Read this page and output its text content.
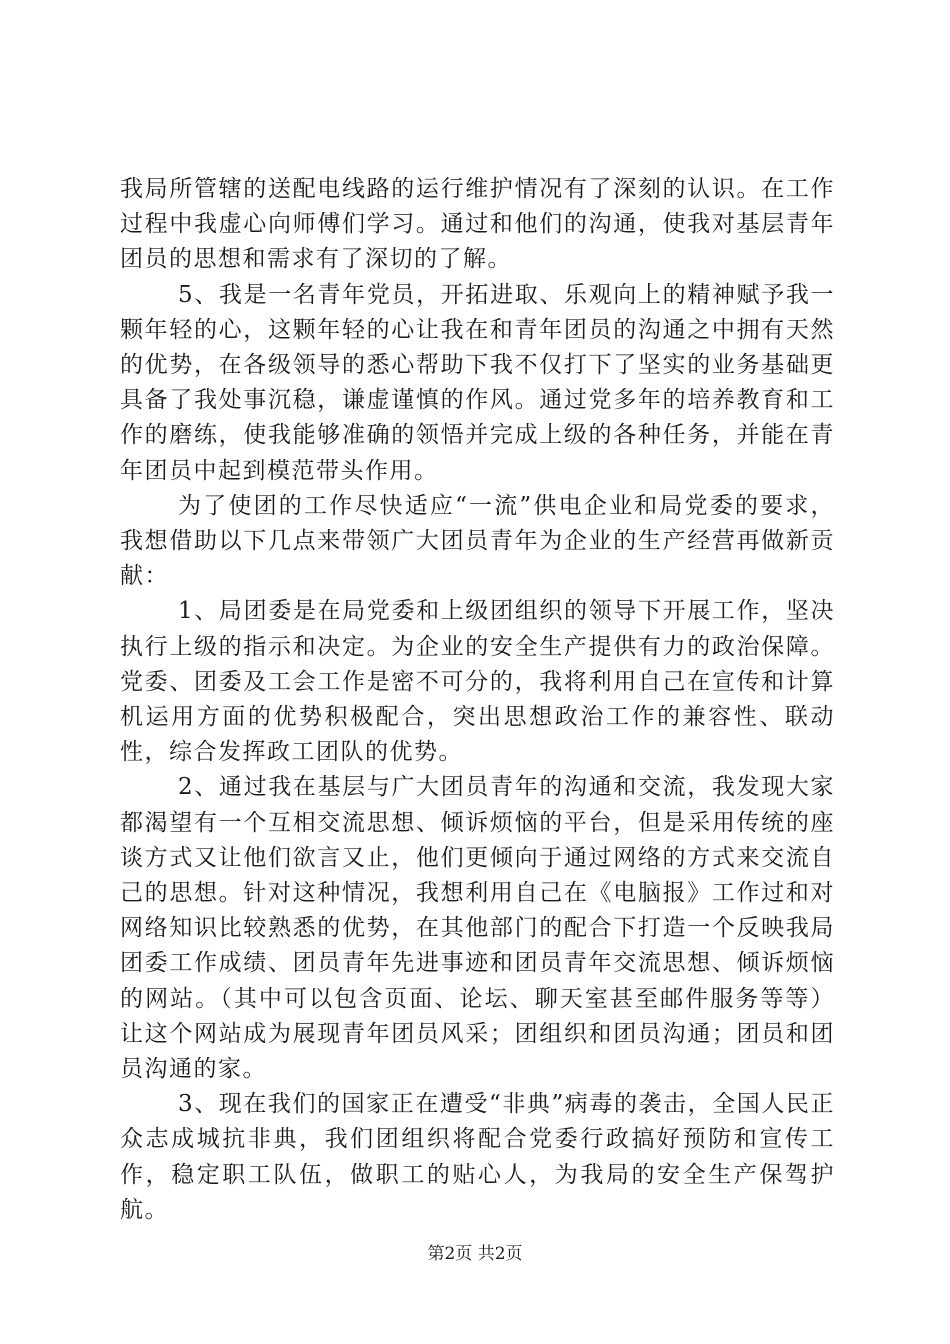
我局所管辖的送配电线路的运行维护情况有了深刻的认识。在工作过程中我虚心向师傅们学习。通过和他们的沟通，使我对基层青年团员的思想和需求有了深切的了解。

5、我是一名青年党员，开拓进取、乐观向上的精神赋予我一颗年轻的心，这颗年轻的心让我在和青年团员的沟通之中拥有天然的优势，在各级领导的悉心帮助下我不仅打下了坚实的业务基础更具备了我处事沉稳，谦虚谨慎的作风。通过党多年的培养教育和工作的磨练，使我能够准确的领悟并完成上级的各种任务，并能在青年团员中起到模范带头作用。

为了使团的工作尽快适应“一流”供电企业和局党委的要求，我想借助以下几点来带领广大团员青年为企业的生产经营再做新贡献：

1、局团委是在局党委和上级团组织的领导下开展工作，坚决执行上级的指示和决定。为企业的安全生产提供有力的政治保障。党委、团委及工会工作是密不可分的，我将利用自己在宣传和计算机运用方面的优势积极配合，突出思想政治工作的兼容性、联动性，综合发挥政工团队的优势。

2、通过我在基层与广大团员青年的沟通和交流，我发现大家都渴望有一个互相交流思想、倾诉烦恼的平台，但是采用传统的座谈方式又让他们欲言又止，他们更倾向于通过网络的方式来交流自己的思想。针对这种情况，我想利用自己在《电脑报》工作过和对网络知识比较熟悉的优势，在其他部门的配合下打造一个反映我局团委工作成绩、团员青年先进事迹和团员青年交流思想、倾诉烦恼的网站。（其中可以包含页面、论坛、聊天室甚至邮件服务等等）让这个网站成为展现青年团员风采；团组织和团员沟通；团员和团员沟通的家。

3、现在我们的国家正在遭受“非典”病毒的袭击，全国人民正众志成城抗非典，我们团组织将配合党委行政搞好预防和宣传工作，稳定职工队伍，做职工的贴心人，为我局的安全生产保驾护航。

第2页 共2页
